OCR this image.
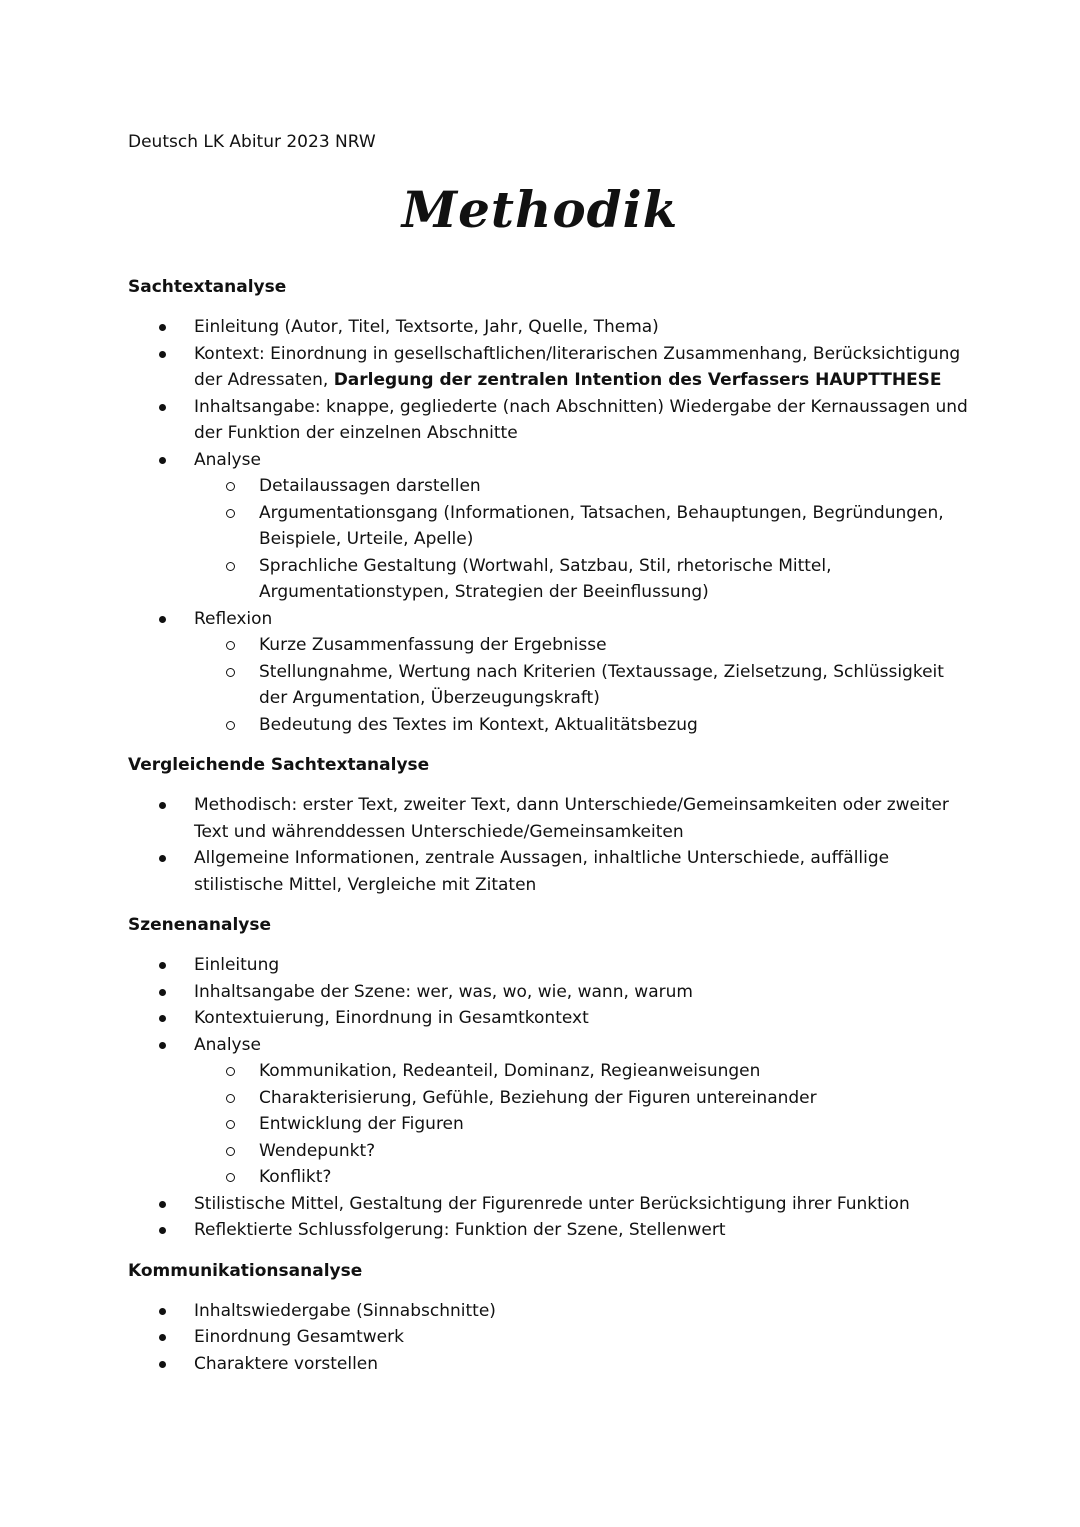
Deutsch LK Abitur 2023 NRW
Methodik

Sachtextanalyse

Einleitung (Autor, Titel, Textsorte, Jahr, Quelle, Thema)
Kontext: Einordnung in gesellschaftlichen/literarischen Zusammenhang, Berücksichtigung der Adressaten, Darlegung der zentralen Intention des Verfassers HAUPTTHESE
Inhaltsangabe: knappe, gegliederte (nach Abschnitten) Wiedergabe der Kernaussagen und der Funktion der einzelnen Abschnitte
Analyse
Detailaussagen darstellen
Argumentationsgang (Informationen, Tatsachen, Behauptungen, Begründungen, Beispiele, Urteile, Apelle)
Sprachliche Gestaltung (Wortwahl, Satzbau, Stil, rhetorische Mittel, Argumentationstypen, Strategien der Beeinflussung)
Reflexion
Kurze Zusammenfassung der Ergebnisse
Stellungnahme, Wertung nach Kriterien (Textaussage, Zielsetzung, Schlüssigkeit der Argumentation, Überzeugungskraft)
Bedeutung des Textes im Kontext, Aktualitätsbezug

Vergleichende Sachtextanalyse

Methodisch: erster Text, zweiter Text, dann Unterschiede/Gemeinsamkeiten oder zweiter Text und währenddessen Unterschiede/Gemeinsamkeiten
Allgemeine Informationen, zentrale Aussagen, inhaltliche Unterschiede, auffällige stilistische Mittel, Vergleiche mit Zitaten

Szenenanalyse

Einleitung
Inhaltsangabe der Szene: wer, was, wo, wie, wann, warum
Kontextuierung, Einordnung in Gesamtkontext
Analyse
Kommunikation, Redeanteil, Dominanz, Regieanweisungen
Charakterisierung, Gefühle, Beziehung der Figuren untereinander
Entwicklung der Figuren
Wendepunkt?
Konflikt?
Stilistische Mittel, Gestaltung der Figurenrede unter Berücksichtigung ihrer Funktion
Reflektierte Schlussfolgerung: Funktion der Szene, Stellenwert

Kommunikationsanalyse

Inhaltswiedergabe (Sinnabschnitte)
Einordnung Gesamtwerk
Charaktere vorstellen
